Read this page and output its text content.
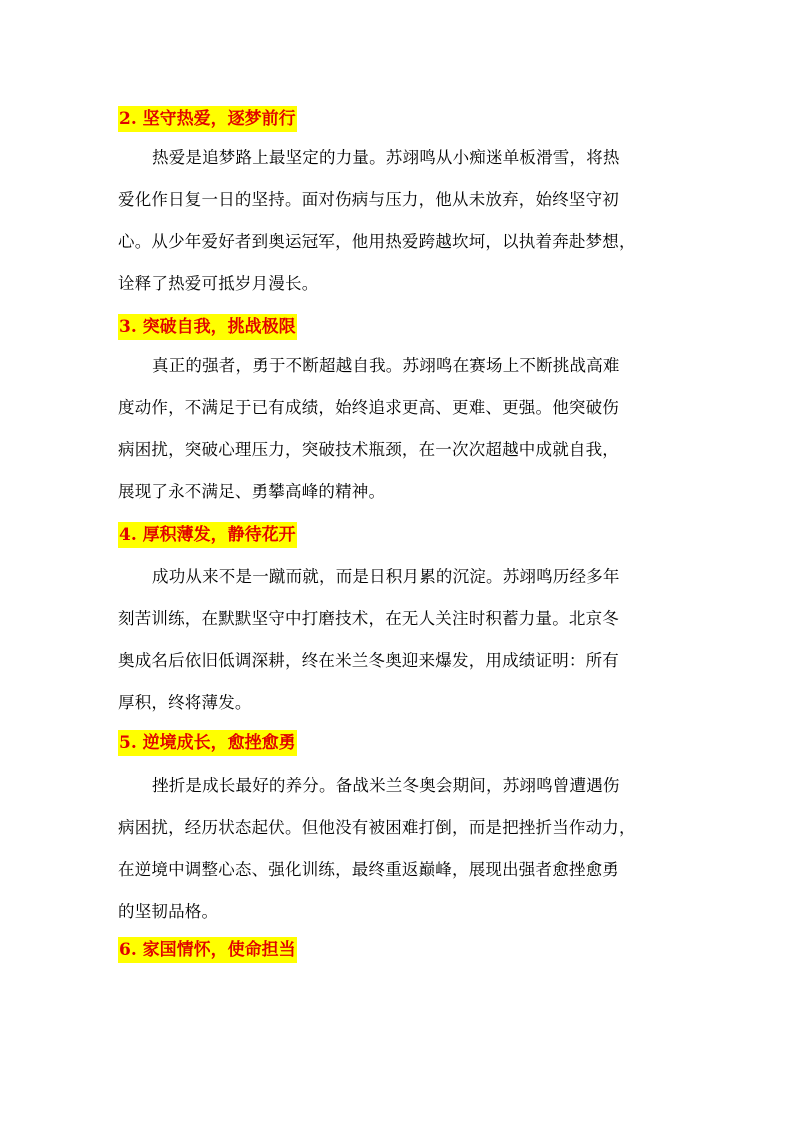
2. 坚守热爱，逐梦前行
热爱是追梦路上最坚定的力量。苏翊鸣从小痴迷单板滑雪，将热
爱化作日复一日的坚持。面对伤病与压力，他从未放弃，始终坚守初
心。从少年爱好者到奥运冠军，他用热爱跨越坎坷，以执着奔赴梦想，
诠释了热爱可抵岁月漫长。
3. 突破自我，挑战极限
真正的强者，勇于不断超越自我。苏翊鸣在赛场上不断挑战高难
度动作，不满足于已有成绩，始终追求更高、更难、更强。他突破伤
病困扰，突破心理压力，突破技术瓶颈，在一次次超越中成就自我，
展现了永不满足、勇攀高峰的精神。
4. 厚积薄发，静待花开
成功从来不是一蹴而就，而是日积月累的沉淀。苏翊鸣历经多年
刻苦训练，在默默坚守中打磨技术，在无人关注时积蓄力量。北京冬
奥成名后依旧低调深耕，终在米兰冬奥迎来爆发，用成绩证明：所有
厚积，终将薄发。
5. 逆境成长，愈挫愈勇
挫折是成长最好的养分。备战米兰冬奥会期间，苏翊鸣曾遭遇伤
病困扰，经历状态起伏。但他没有被困难打倒，而是把挫折当作动力，
在逆境中调整心态、强化训练，最终重返巅峰，展现出强者愈挫愈勇
的坚韧品格。
6. 家国情怀，使命担当
